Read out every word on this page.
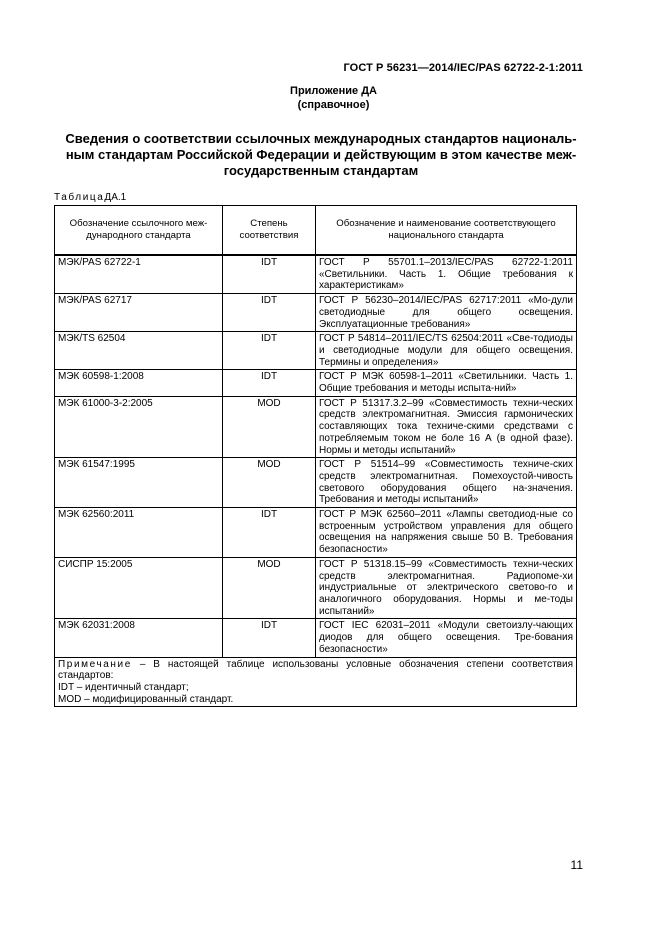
ГОСТ Р 56231—2014/IEC/PAS 62722-2-1:2011
Приложение ДА
(справочное)
Сведения о соответствии ссылочных международных стандартов националь-ным стандартам Российской Федерации и действующим в этом качестве меж-государственным стандартам
ТаблицаДА.1
Обозначение ссылочного меж-дународного стандарта	Степень соответствия	Обозначение и наименование соответствующего национального стандарта
МЭК/PAS 62722-1	IDT	ГОСТ Р 55701.1–2013/IEC/PAS 62722-1:2011 «Светильники. Часть 1. Общие требования к характеристикам»
МЭК/PAS 62717	IDT	ГОСТ Р 56230–2014/IEC/PAS 62717:2011 «Мо-дули светодиодные для общего освещения. Эксплуатационные требования»
МЭК/TS 62504	IDT	ГОСТ Р 54814–2011/IEC/TS 62504:2011 «Све-тодиоды и светодиодные модули для общего освещения. Термины и определения»
МЭК 60598-1:2008	IDT	ГОСТ Р МЭК 60598-1–2011 «Светильники. Часть 1. Общие требования и методы испыта-ний»
МЭК 61000-3-2:2005	MOD	ГОСТ Р 51317.3.2–99 «Совместимость техни-ческих средств электромагнитная. Эмиссия гармонических составляющих тока техниче-скими средствами с потребляемым током не боле 16 А (в одной фазе). Нормы и методы испытаний»
МЭК 61547:1995	MOD	ГОСТ Р 51514–99 «Совместимость техниче-ских средств электромагнитная. Помехоустой-чивость светового оборудования общего на-значения. Требования и методы испытаний»
МЭК 62560:2011	IDT	ГОСТ Р МЭК 62560–2011 «Лампы светодиод-ные со встроенным устройством управления для общего освещения на напряжения свыше 50 В. Требования безопасности»
СИСПР 15:2005	MOD	ГОСТ Р 51318.15–99 «Совместимость техни-ческих средств электромагнитная. Радиопоме-хи индустриальные от электрического светово-го и аналогичного оборудования. Нормы и ме-тоды испытаний»
МЭК 62031:2008	IDT	ГОСТ IEC 62031–2011 «Модули светоизлу-чающих диодов для общего освещения. Тре-бования безопасности»
Примечание – В настоящей таблице использованы условные обозначения степени соответствия стандартов:
IDT – идентичный стандарт;
MOD – модифицированный стандарт.		
11
